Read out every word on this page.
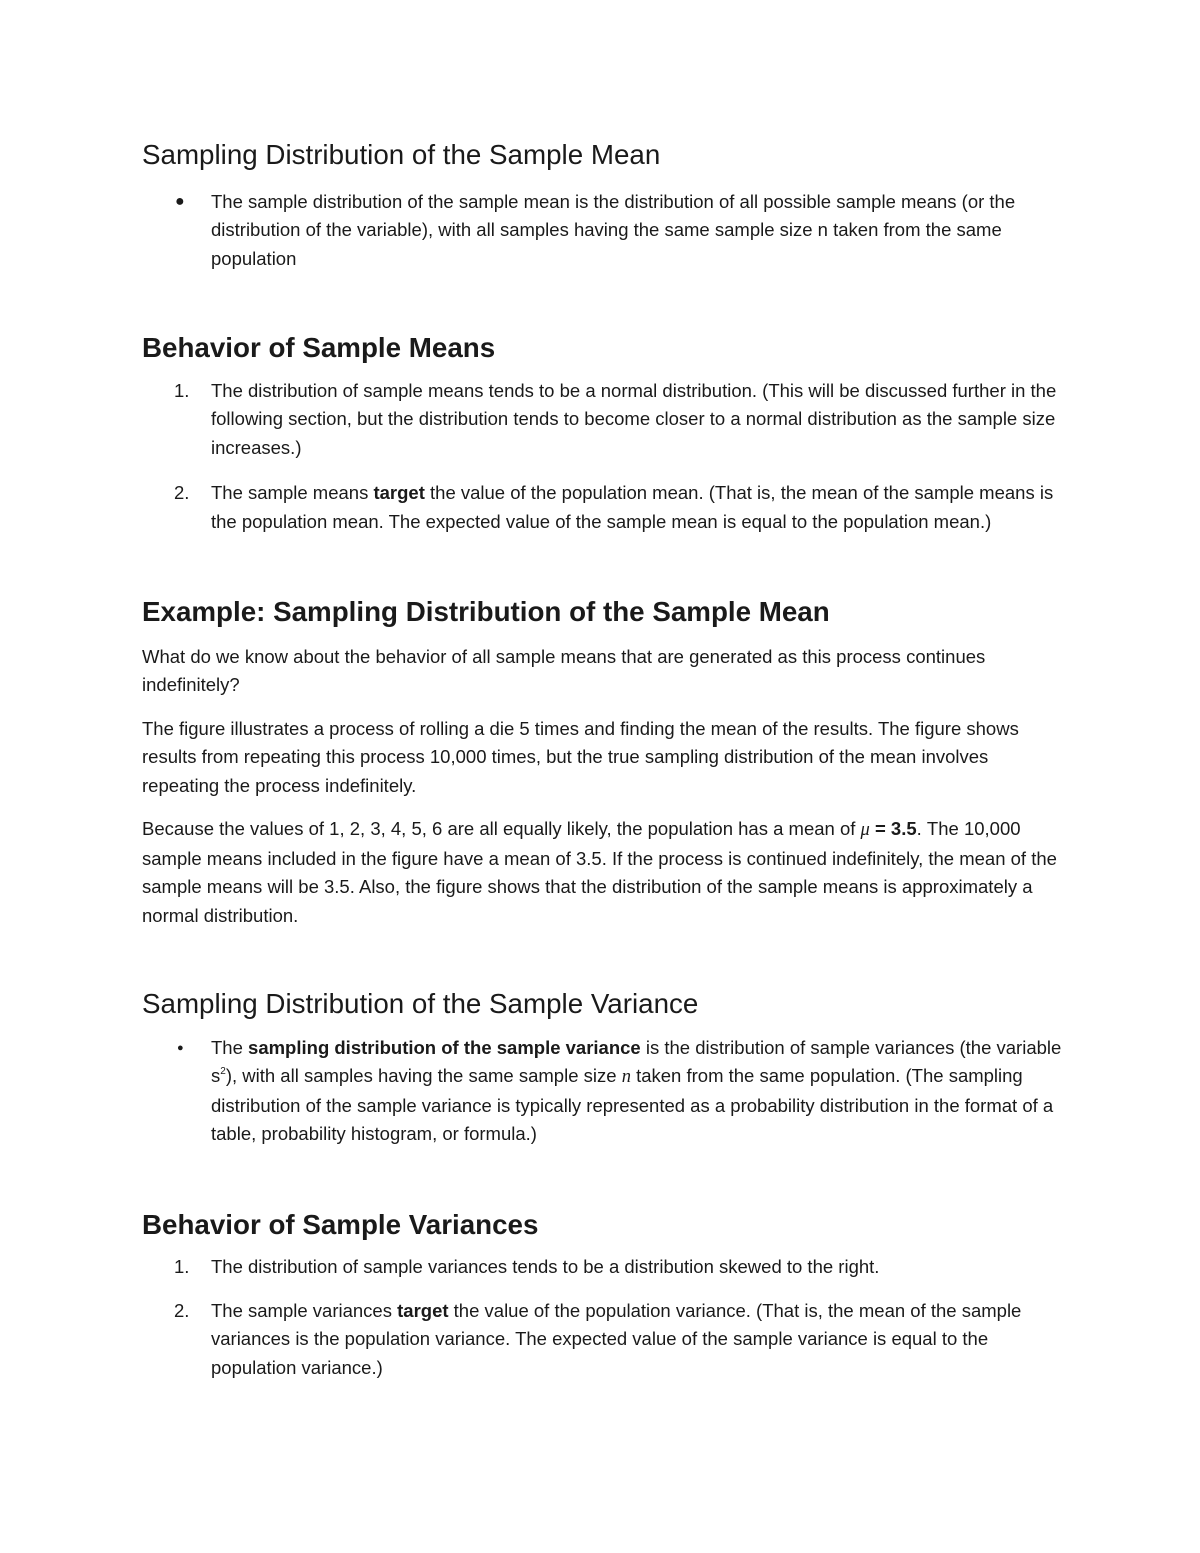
Sampling Distribution of the Sample Mean
● The sample distribution of the sample mean is the distribution of all possible sample means (or the distribution of the variable), with all samples having the same sample size n taken from the same population
Behavior of Sample Means
1. The distribution of sample means tends to be a normal distribution. (This will be discussed further in the following section, but the distribution tends to become closer to a normal distribution as the sample size increases.)
2. The sample means target the value of the population mean. (That is, the mean of the sample means is the population mean. The expected value of the sample mean is equal to the population mean.)
Example: Sampling Distribution of the Sample Mean

What do we know about the behavior of all sample means that are generated as this process continues indefinitely?

The figure illustrates a process of rolling a die 5 times and finding the mean of the results. The figure shows results from repeating this process 10,000 times, but the true sampling distribution of the mean involves repeating the process indefinitely.

Because the values of 1, 2, 3, 4, 5, 6 are all equally likely, the population has a mean of μ = 3.5. The 10,000 sample means included in the figure have a mean of 3.5. If the process is continued indefinitely, the mean of the sample means will be 3.5. Also, the figure shows that the distribution of the sample means is approximately a normal distribution.

Sampling Distribution of the Sample Variance
● The sampling distribution of the sample variance is the distribution of sample variances (the variable $s^2$), with all samples having the same sample size n taken from the same population. (The sampling distribution of the sample variance is typically represented as a probability distribution in the format of a table, probability histogram, or formula.)
Behavior of Sample Variances
1. The distribution of sample variances tends to be a distribution skewed to the right.
2. The sample variances target the value of the population variance. (That is, the mean of the sample variances is the population variance. The expected value of the sample variance is equal to the population variance.)
